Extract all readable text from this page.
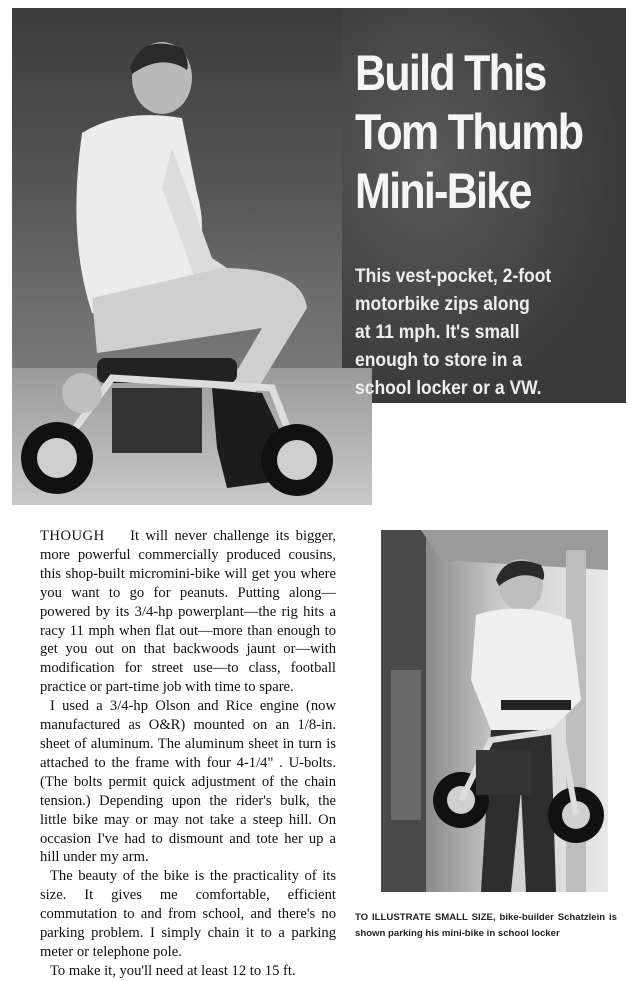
Build This
Tom Thumb
Mini-Bike
This vest-pocket, 2-foot
motorbike zips along
at 11 mph. It's small
enough to store in a
school locker or a VW.

THOUGH It will never challenge its bigger, more powerful commercially produced cousins, this shop-built micromini-bike will get you where you want to go for peanuts. Putting along—powered by its 3/4-hp powerplant—the rig hits a racy 11 mph when flat out—more than enough to get you out on that backwoods jaunt or—with modification for street use—to class, football practice or part-time job with time to spare.

I used a 3/4-hp Olson and Rice engine (now manufactured as O&R) mounted on an 1/8-in. sheet of aluminum. The aluminum sheet in turn is attached to the frame with four 4-1/4" . U-bolts. (The bolts permit quick adjustment of the chain tension.) Depending upon the rider's bulk, the little bike may or may not take a steep hill. On occasion I've had to dismount and tote her up a hill under my arm.

The beauty of the bike is the practicality of its size. It gives me comfortable, efficient commutation to and from school, and there's no parking problem. I simply chain it to a parking meter or telephone pole.

To make it, you'll need at least 12 to 15 ft.

TO ILLUSTRATE SMALL SIZE, bike-builder Schatzlein is shown parking his mini-bike in school locker
